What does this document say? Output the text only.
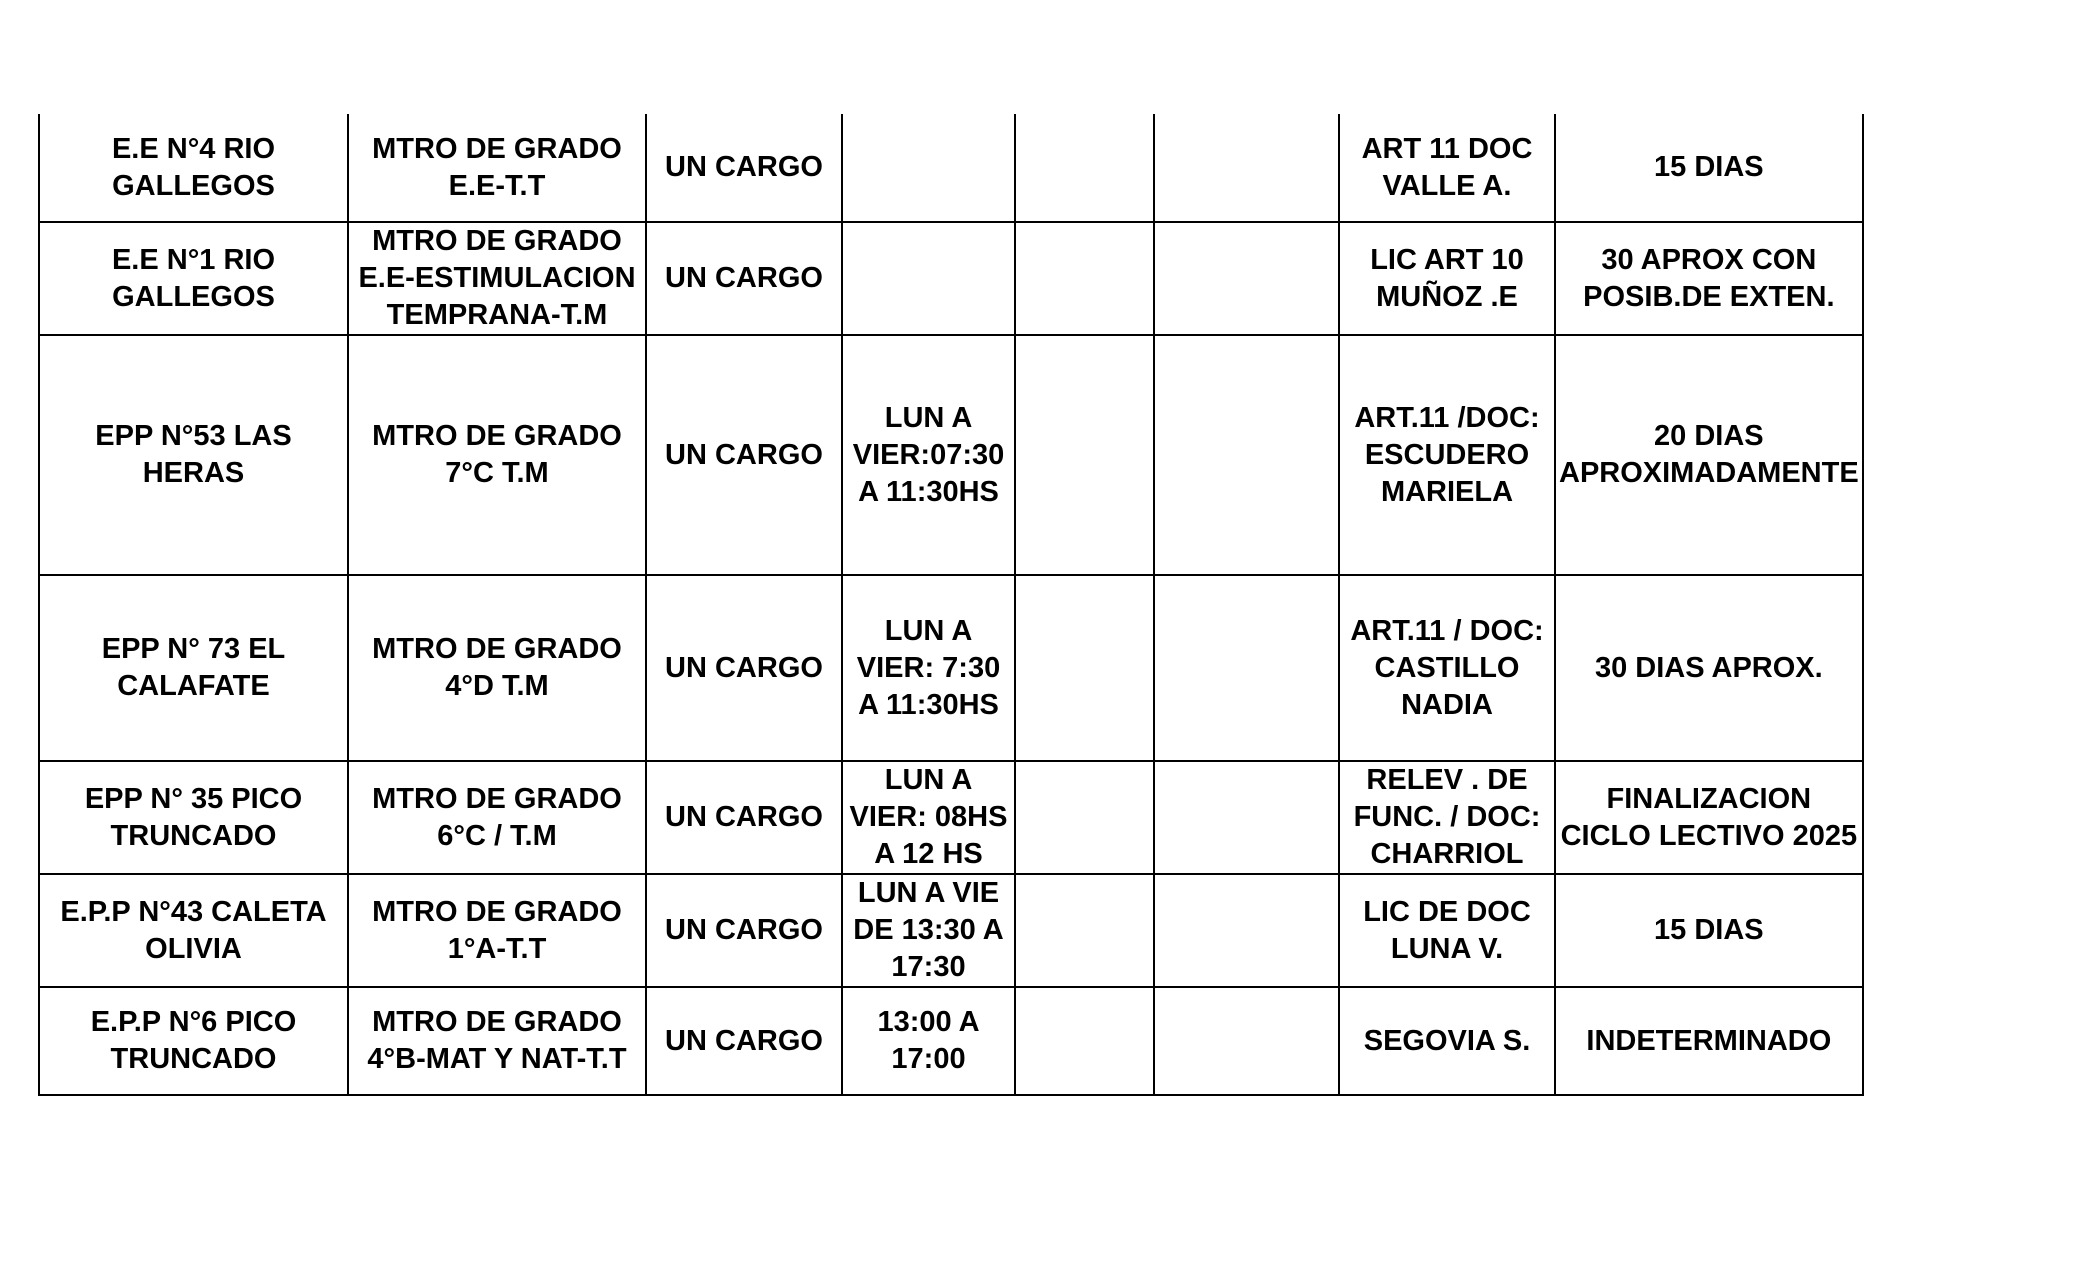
E.E N°4 RIO GALLEGOS	MTRO DE GRADO E.E-T.T	UN CARGO				ART 11 DOC VALLE A.	15 DIAS
E.E N°1 RIO GALLEGOS	MTRO DE GRADO E.E-ESTIMULACION TEMPRANA-T.M	UN CARGO				LIC ART 10 MUÑOZ .E	30 APROX CON POSIB.DE EXTEN.
EPP N°53 LAS HERAS	MTRO DE GRADO 7°C T.M	UN CARGO	LUN A VIER:07:30 A 11:30HS			ART.11 /DOC: ESCUDERO MARIELA	20 DIAS APROXIMADAMENTE
EPP N° 73 EL CALAFATE	MTRO DE GRADO 4°D T.M	UN CARGO	LUN A VIER: 7:30 A 11:30HS			ART.11 / DOC: CASTILLO NADIA	30 DIAS APROX.
EPP N° 35 PICO TRUNCADO	MTRO DE GRADO 6°C / T.M	UN CARGO	LUN A VIER: 08HS A 12 HS			RELEV . DE FUNC. / DOC: CHARRIOL	FINALIZACION CICLO LECTIVO 2025
E.P.P N°43 CALETA OLIVIA	MTRO DE GRADO 1°A-T.T	UN CARGO	LUN A VIE DE 13:30 A 17:30			LIC DE DOC LUNA V.	15 DIAS
E.P.P N°6 PICO TRUNCADO	MTRO DE GRADO 4°B-MAT Y NAT-T.T	UN CARGO	13:00 A 17:00			SEGOVIA S.	INDETERMINADO
